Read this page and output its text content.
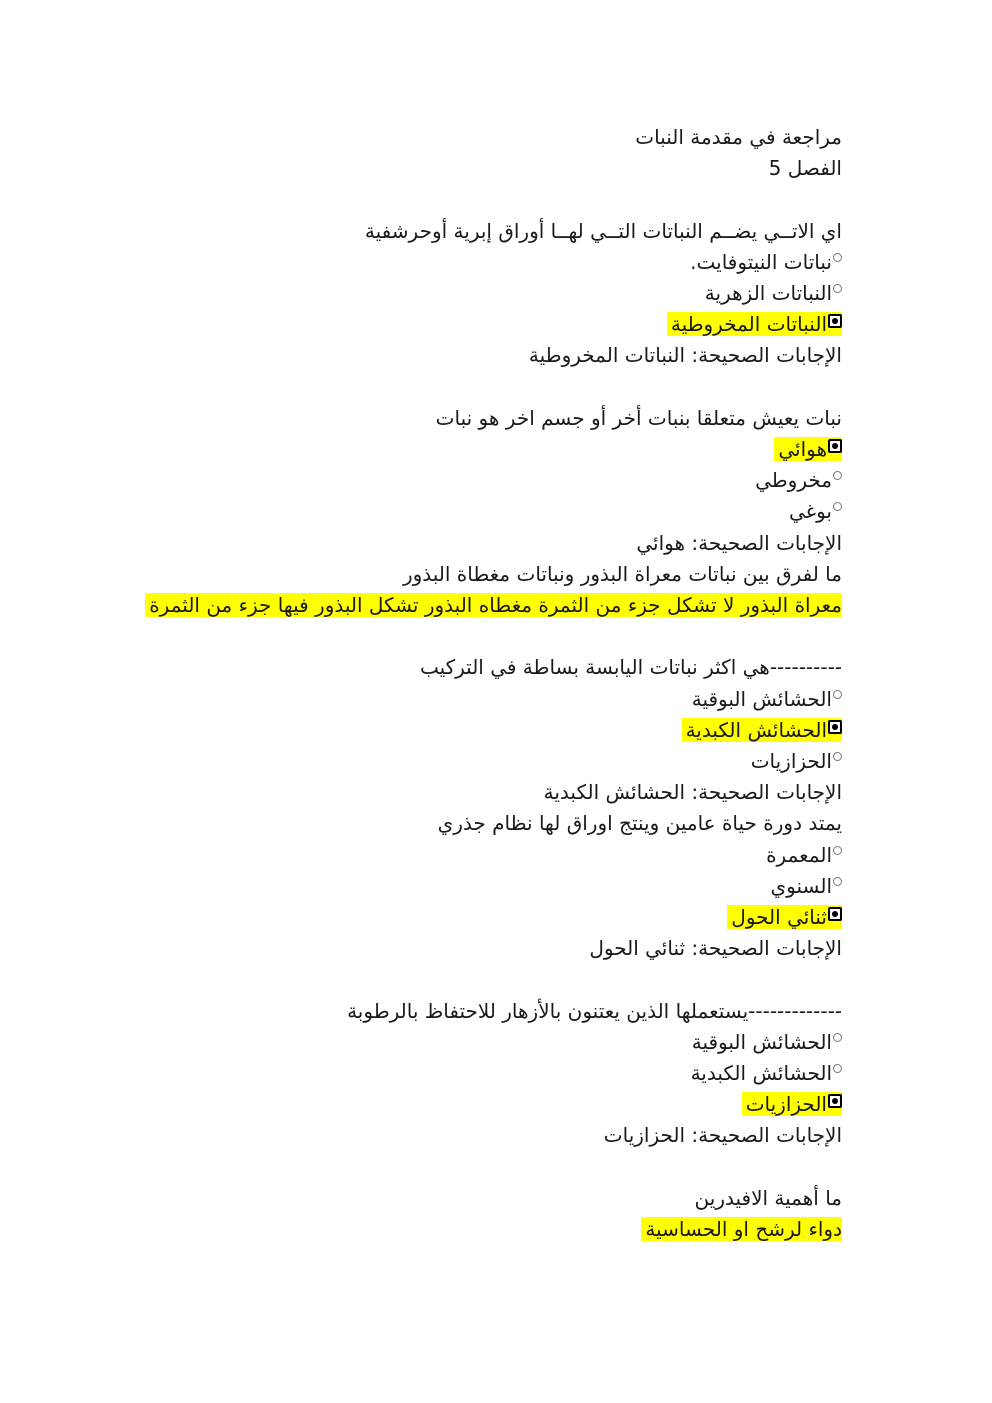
مراجعة في مقدمة النبات
الفصل 5
اي الاتــي يضــم النباتات التــي لهــا أوراق إبرية أوحرشفية
نباتات النيتوفايت.
النباتات الزهرية
النباتات المخروطية
الإجابات الصحيحة: النباتات المخروطية
نبات يعيش متعلقا بنبات أخر أو جسم اخر هو نبات
هوائي
مخروطي
بوغي
الإجابات الصحيحة: هوائي
ما لفرق بين نباتات معراة البذور ونباتات مغطاة البذور
معراة البذور لا تشكل جزء من الثمرة مغطاه البذور تشكل البذور فيها جزء من الثمرة
----------هي اكثر نباتات اليابسة بساطة في التركيب
الحشائش البوقية
الحشائش الكبدية
الحزازيات
الإجابات الصحيحة: الحشائش الكبدية
يمتد دورة حياة عامين وينتج اوراق لها نظام جذري
المعمرة
السنوي
ثنائي الحول
الإجابات الصحيحة: ثنائي الحول
-------------يستعملها الذين يعتنون بالأزهار للاحتفاظ بالرطوبة
الحشائش البوقية
الحشائش الكبدية
الحزازيات
الإجابات الصحيحة: الحزازيات
ما أهمية الافيدرين
دواء لرشح او الحساسية
